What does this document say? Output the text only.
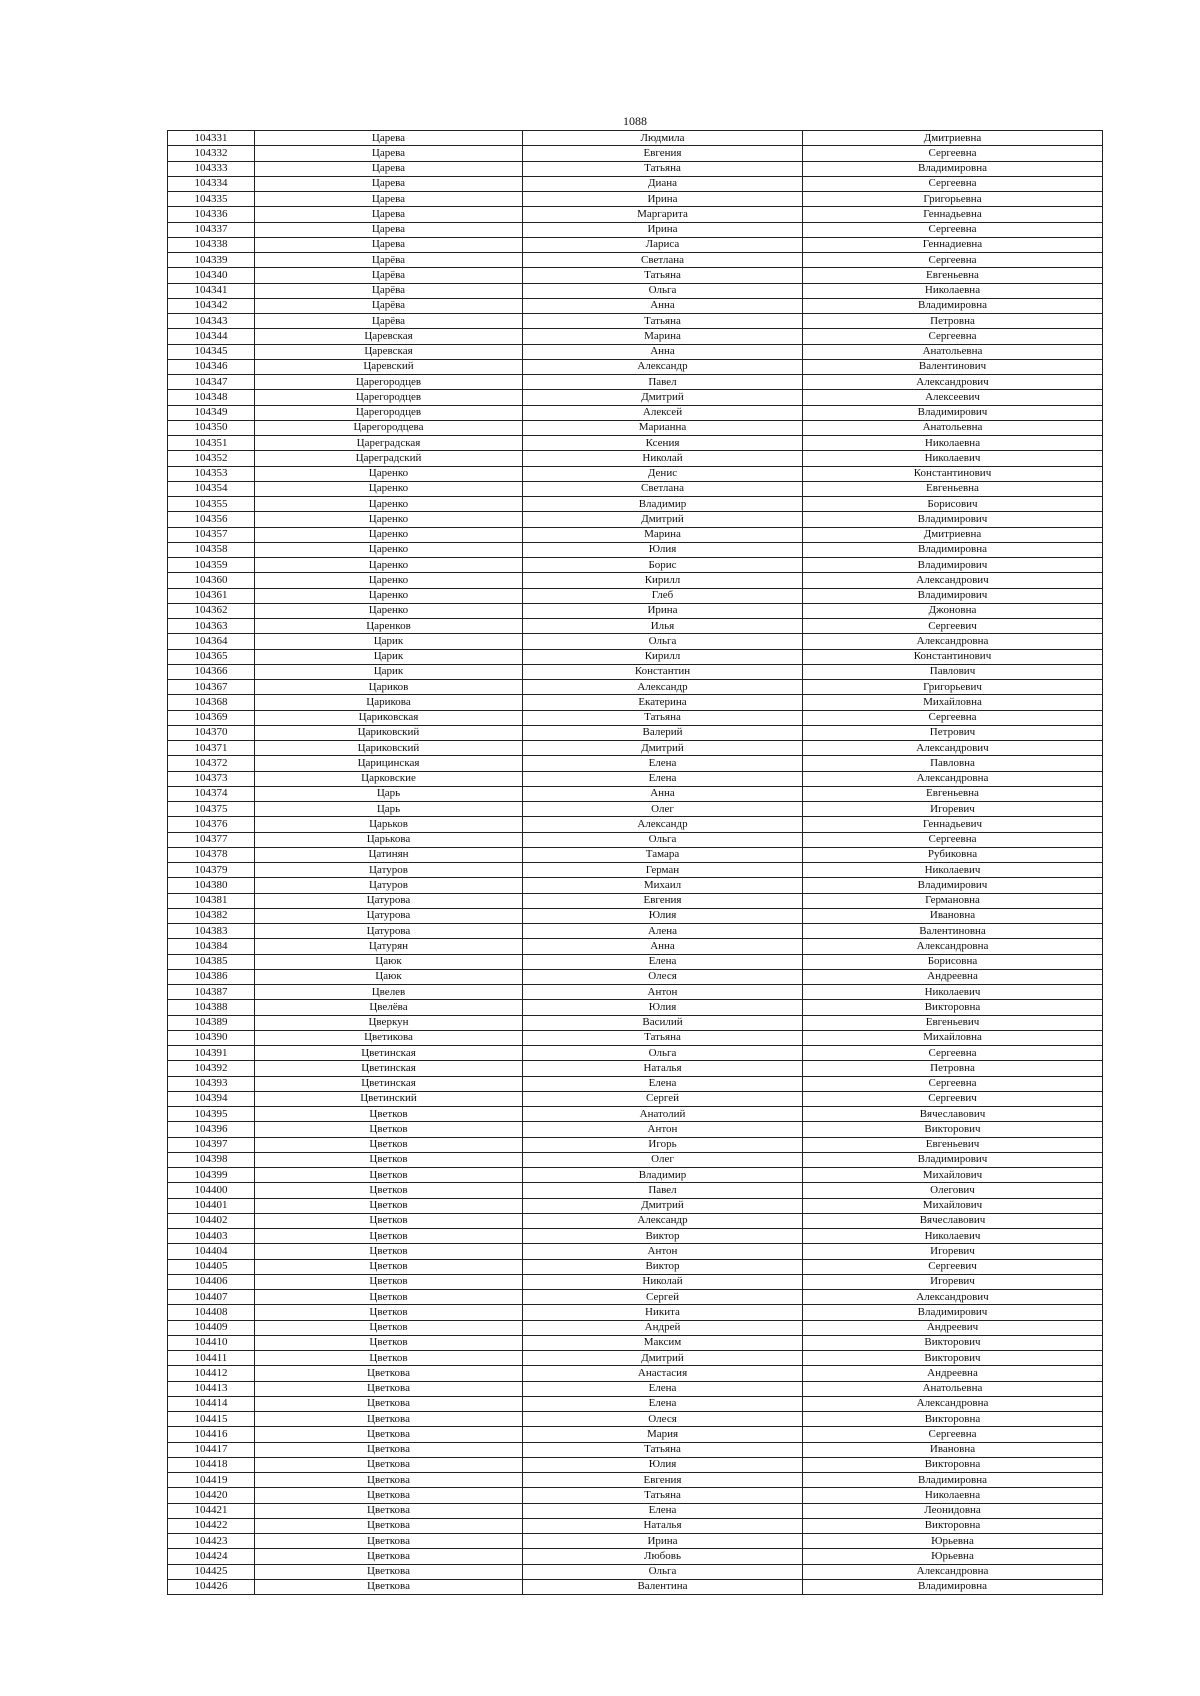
1088
104331	Царева	Людмила	Дмитриевна
104332	Царева	Евгения	Сергеевна
104333	Царева	Татьяна	Владимировна
104334	Царева	Диана	Сергеевна
104335	Царева	Ирина	Григорьевна
104336	Царева	Маргарита	Геннадьевна
104337	Царева	Ирина	Сергеевна
104338	Царева	Лариса	Геннадиевна
104339	Царёва	Светлана	Сергеевна
104340	Царёва	Татьяна	Евгеньевна
104341	Царёва	Ольга	Николаевна
104342	Царёва	Анна	Владимировна
104343	Царёва	Татьяна	Петровна
104344	Царевская	Марина	Сергеевна
104345	Царевская	Анна	Анатольевна
104346	Царевский	Александр	Валентинович
104347	Царегородцев	Павел	Александрович
104348	Царегородцев	Дмитрий	Алексеевич
104349	Царегородцев	Алексей	Владимирович
104350	Царегородцева	Марианна	Анатольевна
104351	Цареградская	Ксения	Николаевна
104352	Цареградский	Николай	Николаевич
104353	Царенко	Денис	Константинович
104354	Царенко	Светлана	Евгеньевна
104355	Царенко	Владимир	Борисович
104356	Царенко	Дмитрий	Владимирович
104357	Царенко	Марина	Дмитриевна
104358	Царенко	Юлия	Владимировна
104359	Царенко	Борис	Владимирович
104360	Царенко	Кирилл	Александрович
104361	Царенко	Глеб	Владимирович
104362	Царенко	Ирина	Джоновна
104363	Царенков	Илья	Сергеевич
104364	Царик	Ольга	Александровна
104365	Царик	Кирилл	Константинович
104366	Царик	Константин	Павлович
104367	Цариков	Александр	Григорьевич
104368	Царикова	Екатерина	Михайловна
104369	Цариковская	Татьяна	Сергеевна
104370	Цариковский	Валерий	Петрович
104371	Цариковский	Дмитрий	Александрович
104372	Царицинская	Елена	Павловна
104373	Царковские	Елена	Александровна
104374	Царь	Анна	Евгеньевна
104375	Царь	Олег	Игоревич
104376	Царьков	Александр	Геннадьевич
104377	Царькова	Ольга	Сергеевна
104378	Цатинян	Тамара	Рубиковна
104379	Цатуров	Герман	Николаевич
104380	Цатуров	Михаил	Владимирович
104381	Цатурова	Евгения	Германовна
104382	Цатурова	Юлия	Ивановна
104383	Цатурова	Алена	Валентиновна
104384	Цатурян	Анна	Александровна
104385	Цаюк	Елена	Борисовна
104386	Цаюк	Олеся	Андреевна
104387	Цвелев	Антон	Николаевич
104388	Цвелёва	Юлия	Викторовна
104389	Цверкун	Василий	Евгеньевич
104390	Цветикова	Татьяна	Михайловна
104391	Цветинская	Ольга	Сергеевна
104392	Цветинская	Наталья	Петровна
104393	Цветинская	Елена	Сергеевна
104394	Цветинский	Сергей	Сергеевич
104395	Цветков	Анатолий	Вячеславович
104396	Цветков	Антон	Викторович
104397	Цветков	Игорь	Евгеньевич
104398	Цветков	Олег	Владимирович
104399	Цветков	Владимир	Михайлович
104400	Цветков	Павел	Олегович
104401	Цветков	Дмитрий	Михайлович
104402	Цветков	Александр	Вячеславович
104403	Цветков	Виктор	Николаевич
104404	Цветков	Антон	Игоревич
104405	Цветков	Виктор	Сергеевич
104406	Цветков	Николай	Игоревич
104407	Цветков	Сергей	Александрович
104408	Цветков	Никита	Владимирович
104409	Цветков	Андрей	Андреевич
104410	Цветков	Максим	Викторович
104411	Цветков	Дмитрий	Викторович
104412	Цветкова	Анастасия	Андреевна
104413	Цветкова	Елена	Анатольевна
104414	Цветкова	Елена	Александровна
104415	Цветкова	Олеся	Викторовна
104416	Цветкова	Мария	Сергеевна
104417	Цветкова	Татьяна	Ивановна
104418	Цветкова	Юлия	Викторовна
104419	Цветкова	Евгения	Владимировна
104420	Цветкова	Татьяна	Николаевна
104421	Цветкова	Елена	Леонидовна
104422	Цветкова	Наталья	Викторовна
104423	Цветкова	Ирина	Юрьевна
104424	Цветкова	Любовь	Юрьевна
104425	Цветкова	Ольга	Александровна
104426	Цветкова	Валентина	Владимировна
